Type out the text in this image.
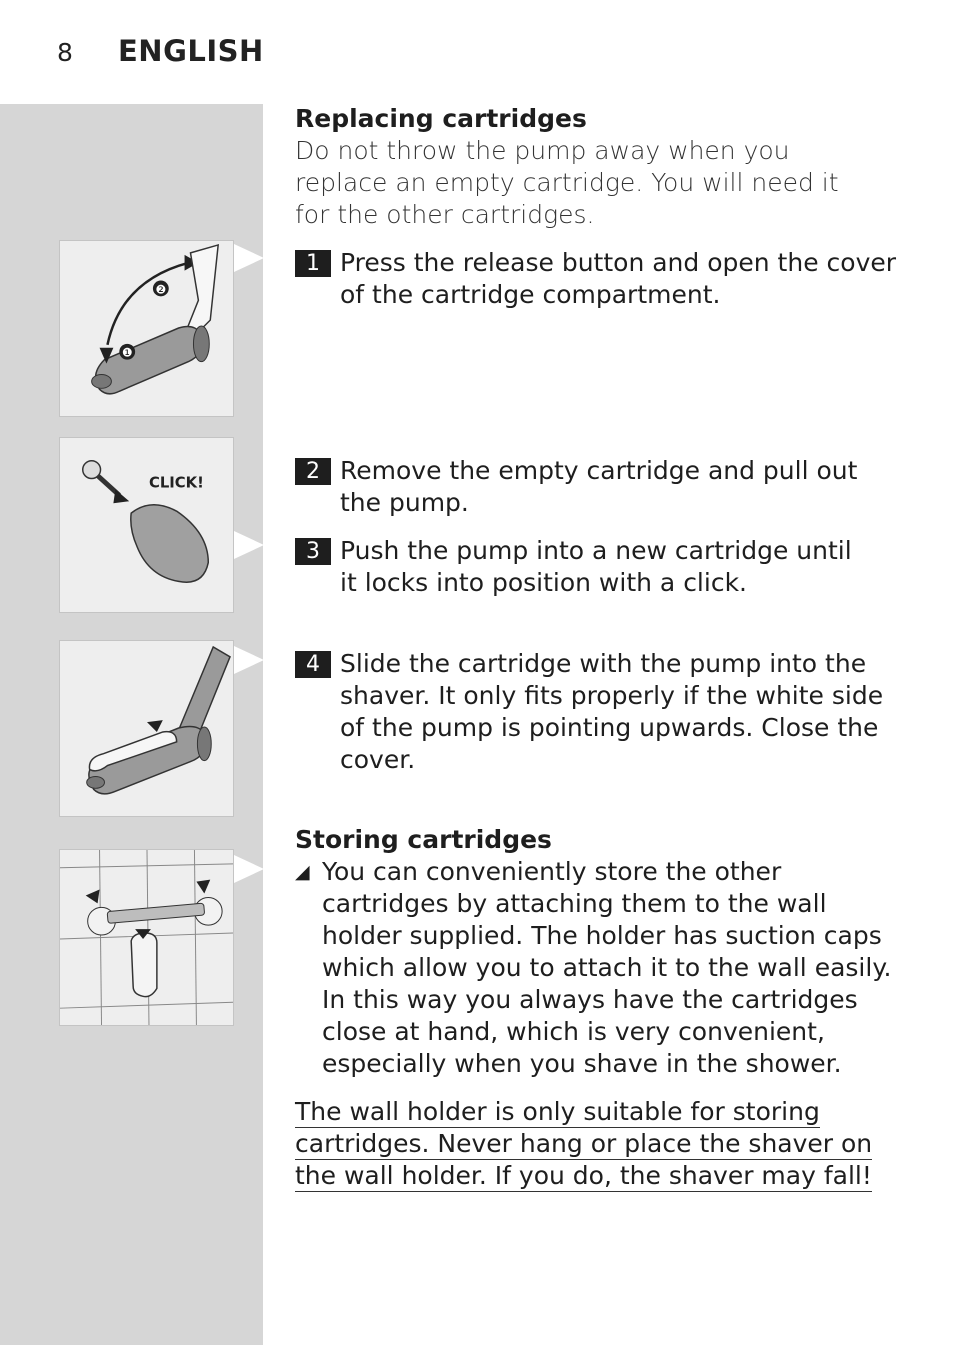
8 ENGLISH
❶
❷
CLICK!

Replacing cartridges

Do not throw the pump away when you replace an empty cartridge. You will need it for the other cartridges.

1 Press the release button and open the cover of the cartridge compartment.
2 Remove the empty cartridge and pull out the pump.
3 Push the pump into a new cartridge until it locks into position with a click.
4 Slide the cartridge with the pump into the shaver. It only fits properly if the white side of the pump is pointing upwards. Close the cover.

Storing cartridges

◢ You can conveniently store the other cartridges by attaching them to the wall holder supplied. The holder has suction caps which allow you to attach it to the wall easily. In this way you always have the cartridges close at hand, which is very convenient, especially when you shave in the shower.
The wall holder is only suitable for storing cartridges. Never hang or place the shaver on the wall holder. If you do, the shaver may fall!
